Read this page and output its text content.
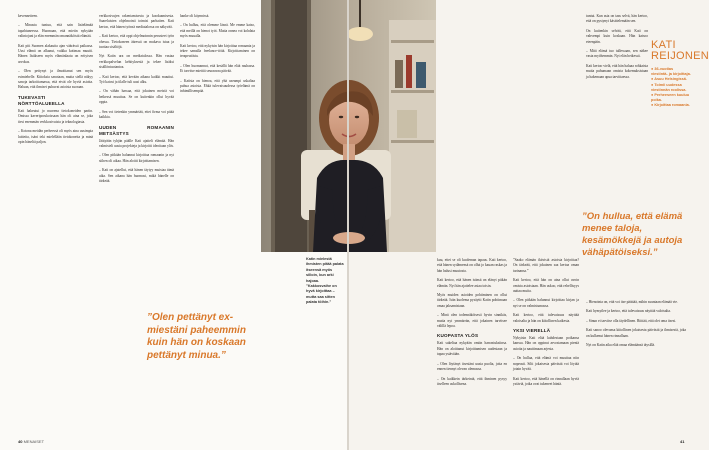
kevennetteen.

– Minusta tuntuu, että sain lisäelämää tapahtuneessa. Huomaan, että mietin nykyään valintojani ja elän enemmän omannäköistä elämää.

Kati piti Suomen alakautta ajan väärässä paikassa. Uusi elämä on alkanut, vaikka kotimaa muutti. Hänen lisäkseen myös elämänlaatu on erityisen arvokas.

– Olen pettynyt ja ilmoittanut sen myös esimiehelle. Kiitoksia sanotaan, mutta siellä näkyy sanoja tarkoittamassa, että eivät ole hyviä asioita. Haluan, että ihmiset puhuvat asioista suoraan.

TUKEVASTI NÖRTTÖALUEELLA

Kati hakeutui jo nuorena tietokoneiden pariin. Omissa kaveriporukoissaan hän oli aina se, joka tiesi enemmän verkkosivuista ja teknologiasta.

– Kotona meidän perheessä oli myös aina uusimpia laitteita, isäni teki mielellään tietokoneita ja minä opin häneltä paljon.

verkkosivujen rakentamisesta ja koodaamisesta. Saarelaisten ohjelmointi toimisi parhaiten. Kati kertoo, että hänen työnsä mediatalossa on näkyvää.

– Kati kertoo, että oppi ohjelmoinnin perusteet työn ohessa. Tietokoneen ääressä on mukava istua ja tuottaa sisältöjä.

Nyt Katin ura on mediatalossa. Hän vastaa verkkopalvelun kehityksestä ja tekee lisäksi sisällöntuotantoa.

– Kati kertoo, että kevään aikana kaikki muuttui. Työ katosi ja tilalle tuli uusi alku.

– On vähän hassua, että jokainen meistä voi hetkessä muuttua. Se on kuitenkin ollut hyvää oppia.

– Sen voi tietenkin ymmärtää, ettei firma voi pitää kaikkia.

UUDEN ROMAANIN METSÄSTYS

Jäätyään tyhjän päälle Kati ajatteli elämää. Hän valmisteli uusia projekteja ja kirjoitti ideoitaan ylös.

– Olen pitkään halunnut kirjoittaa romaanin ja nyt siihen oli aikaa. Hän aloitti kirjoittamisen.

– Kati on ajatellut, että hänen täytyy muistaa tämä aika. Sen aikana hän huomasi, mikä hänelle on tärkeää.

hanke oli käynnissä.

– On hulluu, että olemme läsnä. Me emme katso, että meillä on hienot työt. Mutta onnea voi kohdata myös muualla.

Kati kertoo, että nykyisin hän kirjoittaa romaania ja tekee samalla freelance-töitä. Kirjoittaminen on terapeuttista.

– Olen huomannut, että kesällä hän elää rauhassa. Ei tarvitse miettiä seuraavaa päivää.

– Katista on hienoa, että yhä useampi uskaltaa puhua asioista. Ehkä tulevaisuudessa työelämä on inhimillisempää.

”Olen pettänyt ex-miestäni paheemmin kuin hän on koskaan pettänyt minua.”
40 MENAISET
Katin mielestä ihmisten pitää palata itseensä myös silloin, kun arki hajoaa. ”Kakkosvaihe on hyvä kirjoittaa – mutta saa sitten palata töihin.”

kuu, ettei se oli kuoleman tapaus. Kati kertoo, että hänen sydämensä on ollut jo kauan raskas ja hän halusi muutosta.

Kati kertoo, että hänen isänsä on elänyt pitkän elämän. Nyt hän ajattelee asiaa toisin.

Myös muiden asioiden pohtiminen on ollut tärkeää. Isän kuolema pysäytti Katin pohtimaan omaa jaksamistaan.

– Minä olen todennäköisesti hyvin sinnikäs, mutta nyt ymmärrän, että jokainen tarvitsee välillä lepoa.

KUOPASTA YLÖS

Kati sukeltaa nykyään omiin harrastuksiinsa. Hän on aloittanut kirjoittamisen uudestaan ja tapaa ystäviään.

– Olen löytänyt itsestäni uusia puolia, joita en ennen tiennyt olevan olemassa.

– On kaikkein tärkeintä, että ihminen pysyy itselleen uskollisena.

”Saako elämän ikävistä asioista kirjoittaa? On tärkeää, että jokainen saa kertoa oman tarinansa.”

Kati kertoo, että hän on aina ollut avoin omista asioistaan. Hän uskoo, että rehellisyys auttaa muita.

– Olen pitkään halunnut kirjoittaa kirjan ja nyt se on valmistumassa.

Kati kertoo, että tulevaisuus näyttää valoisalta ja hän on kiitollinen kaikesta.

YKSI VIERELLÄ

Nykyisin Kati elää kahdestaan poikansa kanssa. Hän on oppinut arvostamaan pieniä asioita ja nauttimaan arjesta.

– On hullua, että elämä voi muuttua niin nopeasti. Silti jokaisesta päivästä voi löytää jotain hyvää.

Kati kertoo, että hänellä on rinnallaan hyviä ystäviä, jotka ovat tukeneet häntä.

tuntui. Kun asia on taas selvä, hän kertoo, että on pystynyt käsittelemään sen.

On kuitenkin selvää, että Kati on vahvempi kuin koskaan. Hän katsoo eteenpäin.

– Mitä elämä tuo tullessaan, sen näkee vasta myöhemmin. Nyt elän hetkessä.

Kati kertoo vielä, että hän haluaa rohkaista muita puhumaan omista kokemuksistaan ja hakemaan apua tarvittaessa.

”On hullua, että elämä menee taloja, kesämökkejä ja autoja vähäpätöiseksi.”

– Hienointa on, että voi itse päättää, mihin suuntaan elämää vie.

Kati hymyilee ja kertoo, että tulevaisuus näyttää valoisalta.

– Sinun ei tarvitse olla täydellinen. Riittää, että olet oma itsesi.

Kati sanoo olevansa kiitollinen jokaisesta päivästä ja ihmisestä, joka on kulkenut hänen rinnallaan.

Nyt on Katin aika elää omaa elämäänsä täysillä.

KATI
REIJONEN
● 36-vuotias
viestintä- ja kirjoittaja.
● Asuu Helsingissä.
● Toimii uudessa viestinnän roolissa.
● Perheeseen kuuluu poika.
● Kirjoittaa romaania.
41
